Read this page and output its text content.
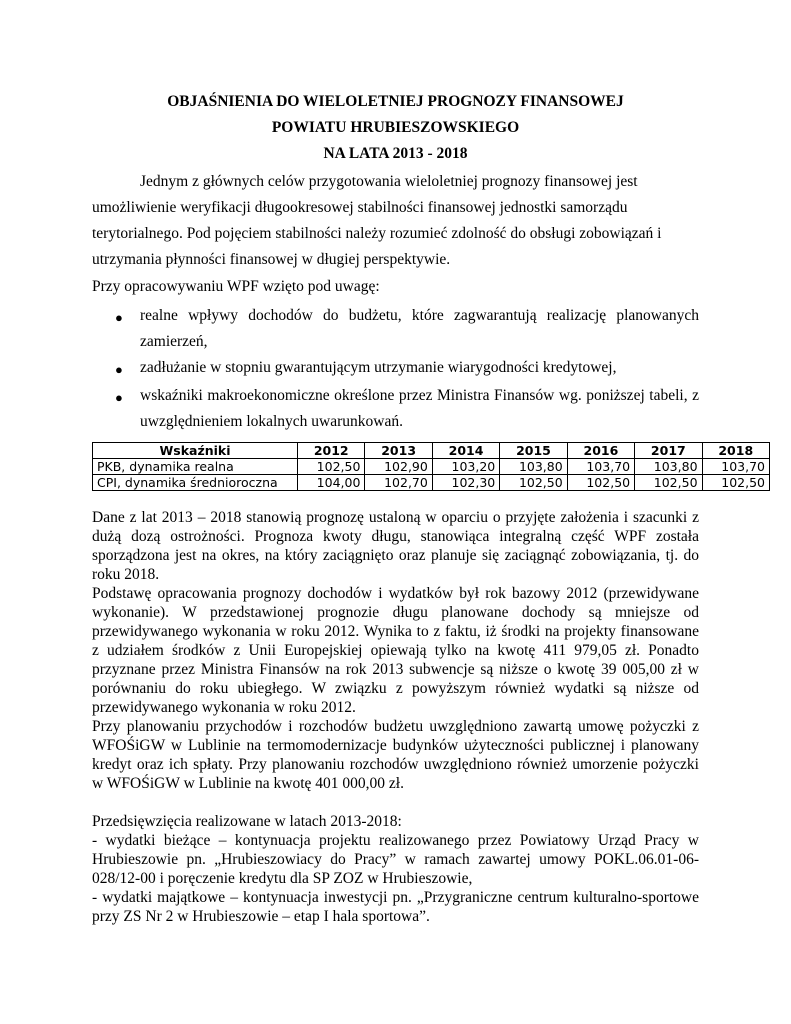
OBJAŚNIENIA DO WIELOLETNIEJ PROGNOZY FINANSOWEJ
POWIATU HRUBIESZOWSKIEGO
NA LATA 2013 - 2018
Jednym z głównych celów przygotowania wieloletniej prognozy finansowej jest
umożliwienie weryfikacji długookresowej stabilności finansowej jednostki samorządu
terytorialnego. Pod pojęciem stabilności należy rozumieć zdolność do obsługi zobowiązań i
utrzymania płynności finansowej w długiej perspektywie.
Przy opracowywaniu WPF wzięto pod uwagę:
● realne wpływy dochodów do budżetu, które zagwarantują realizację planowanych
zamierzeń,
● zadłużanie w stopniu gwarantującym utrzymanie wiarygodności kredytowej,
● wskaźniki makroekonomiczne określone przez Ministra Finansów wg. poniższej tabeli, z
uwzględnieniem lokalnych uwarunkowań.
Wskaźniki	2012	2013	2014	2015	2016	2017	2018
PKB, dynamika realna	102,50	102,90	103,20	103,80	103,70	103,80	103,70
CPI, dynamika średnioroczna	104,00	102,70	102,30	102,50	102,50	102,50	102,50
Dane z lat 2013 – 2018 stanowią prognozę ustaloną w oparciu o przyjęte założenia i szacunki z
dużą dozą ostrożności. Prognoza kwoty długu, stanowiąca integralną część WPF została
sporządzona jest na okres, na który zaciągnięto oraz planuje się zaciągnąć zobowiązania, tj. do
roku 2018.
Podstawę opracowania prognozy dochodów i wydatków był rok bazowy 2012 (przewidywane
wykonanie). W przedstawionej prognozie długu planowane dochody są mniejsze od
przewidywanego wykonania w roku 2012. Wynika to z faktu, iż środki na projekty finansowane
z udziałem środków z Unii Europejskiej opiewają tylko na kwotę 411 979,05 zł. Ponadto
przyznane przez Ministra Finansów na rok 2013 subwencje są niższe o kwotę 39 005,00 zł w
porównaniu do roku ubiegłego. W związku z powyższym również wydatki są niższe od
przewidywanego wykonania w roku 2012.
Przy planowaniu przychodów i rozchodów budżetu uwzględniono zawartą umowę pożyczki z
WFOŚiGW w Lublinie na termomodernizacje budynków użyteczności publicznej i planowany
kredyt oraz ich spłaty. Przy planowaniu rozchodów uwzględniono również umorzenie pożyczki
w WFOŚiGW w Lublinie na kwotę 401 000,00 zł.
Przedsięwzięcia realizowane w latach 2013-2018:
- wydatki bieżące – kontynuacja projektu realizowanego przez Powiatowy Urząd Pracy w
Hrubieszowie pn. „Hrubieszowiacy do Pracy” w ramach zawartej umowy POKL.06.01-06-
028/12-00 i poręczenie kredytu dla SP ZOZ w Hrubieszowie,
- wydatki majątkowe – kontynuacja inwestycji pn. „Przygraniczne centrum kulturalno-sportowe
przy ZS Nr 2 w Hrubieszowie – etap I hala sportowa”.
